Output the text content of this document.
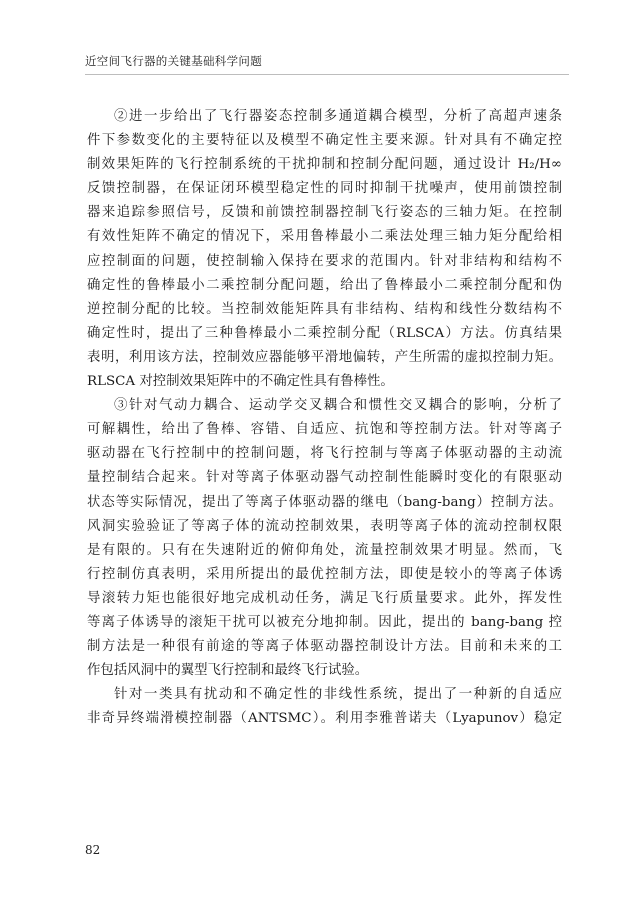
近空间飞行器的关键基础科学问题
②进一步给出了飞行器姿态控制多通道耦合模型，分析了高超声速条
件下参数变化的主要特征以及模型不确定性主要来源。针对具有不确定控
制效果矩阵的飞行控制系统的干扰抑制和控制分配问题，通过设计 H₂/H∞
反馈控制器，在保证闭环模型稳定性的同时抑制干扰噪声，使用前馈控制
器来追踪参照信号，反馈和前馈控制器控制飞行姿态的三轴力矩。在控制
有效性矩阵不确定的情况下，采用鲁棒最小二乘法处理三轴力矩分配给相
应控制面的问题，使控制输入保持在要求的范围内。针对非结构和结构不
确定性的鲁棒最小二乘控制分配问题，给出了鲁棒最小二乘控制分配和伪
逆控制分配的比较。当控制效能矩阵具有非结构、结构和线性分数结构不
确定性时，提出了三种鲁棒最小二乘控制分配（RLSCA）方法。仿真结果
表明，利用该方法，控制效应器能够平滑地偏转，产生所需的虚拟控制力矩。
RLSCA 对控制效果矩阵中的不确定性具有鲁棒性。
③针对气动力耦合、运动学交叉耦合和惯性交叉耦合的影响，分析了
可解耦性，给出了鲁棒、容错、自适应、抗饱和等控制方法。针对等离子
驱动器在飞行控制中的控制问题，将飞行控制与等离子体驱动器的主动流
量控制结合起来。针对等离子体驱动器气动控制性能瞬时变化的有限驱动
状态等实际情况，提出了等离子体驱动器的继电（bang-bang）控制方法。
风洞实验验证了等离子体的流动控制效果，表明等离子体的流动控制权限
是有限的。只有在失速附近的俯仰角处，流量控制效果才明显。然而，飞
行控制仿真表明，采用所提出的最优控制方法，即使是较小的等离子体诱
导滚转力矩也能很好地完成机动任务，满足飞行质量要求。此外，挥发性
等离子体诱导的滚矩干扰可以被充分地抑制。因此，提出的 bang-bang 控
制方法是一种很有前途的等离子体驱动器控制设计方法。目前和未来的工
作包括风洞中的翼型飞行控制和最终飞行试验。
针对一类具有扰动和不确定性的非线性系统，提出了一种新的自适应
非奇异终端滑模控制器（ANTSMC）。利用李雅普诺夫（Lyapunov）稳定
82
